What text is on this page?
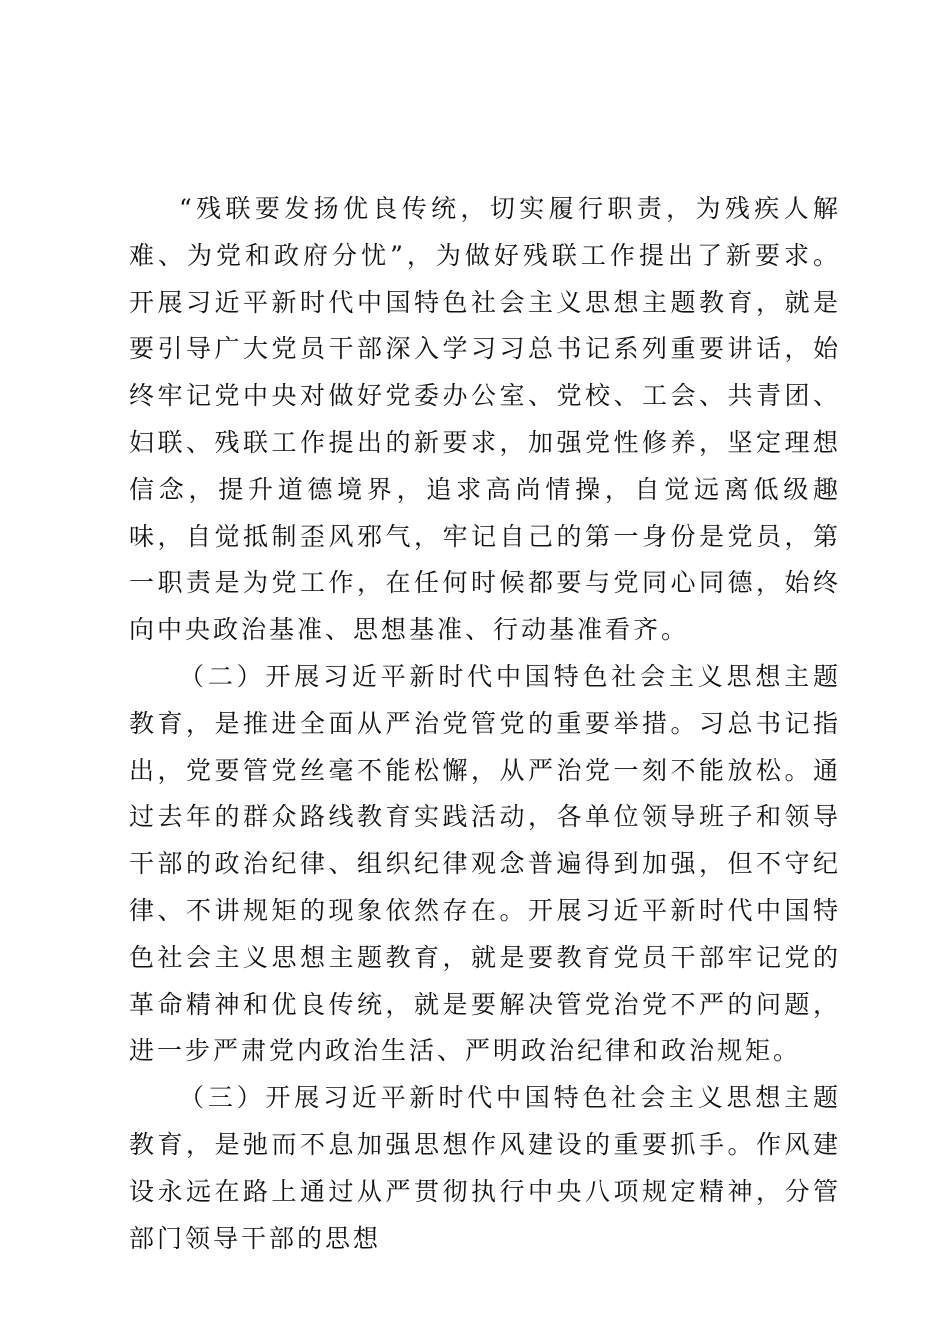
“残联要发扬优良传统，切实履行职责，为残疾人解难、为党和政府分忧”，为做好残联工作提出了新要求。开展习近平新时代中国特色社会主义思想主题教育，就是要引导广大党员干部深入学习习总书记系列重要讲话，始终牢记党中央对做好党委办公室、党校、工会、共青团、妇联、残联工作提出的新要求，加强党性修养，坚定理想信念，提升道德境界，追求高尚情操，自觉远离低级趣味，自觉抵制歪风邪气，牢记自己的第一身份是党员，第一职责是为党工作，在任何时候都要与党同心同德，始终向中央政治基准、思想基准、行动基准看齐。

（二）开展习近平新时代中国特色社会主义思想主题教育，是推进全面从严治党管党的重要举措。习总书记指出，党要管党丝毫不能松懈，从严治党一刻不能放松。通过去年的群众路线教育实践活动，各单位领导班子和领导干部的政治纪律、组织纪律观念普遍得到加强，但不守纪律、不讲规矩的现象依然存在。开展习近平新时代中国特色社会主义思想主题教育，就是要教育党员干部牢记党的革命精神和优良传统，就是要解决管党治党不严的问题，进一步严肃党内政治生活、严明政治纪律和政治规矩。

（三）开展习近平新时代中国特色社会主义思想主题教育，是弛而不息加强思想作风建设的重要抓手。作风建设永远在路上通过从严贯彻执行中央八项规定精神，分管部门领导干部的思想
